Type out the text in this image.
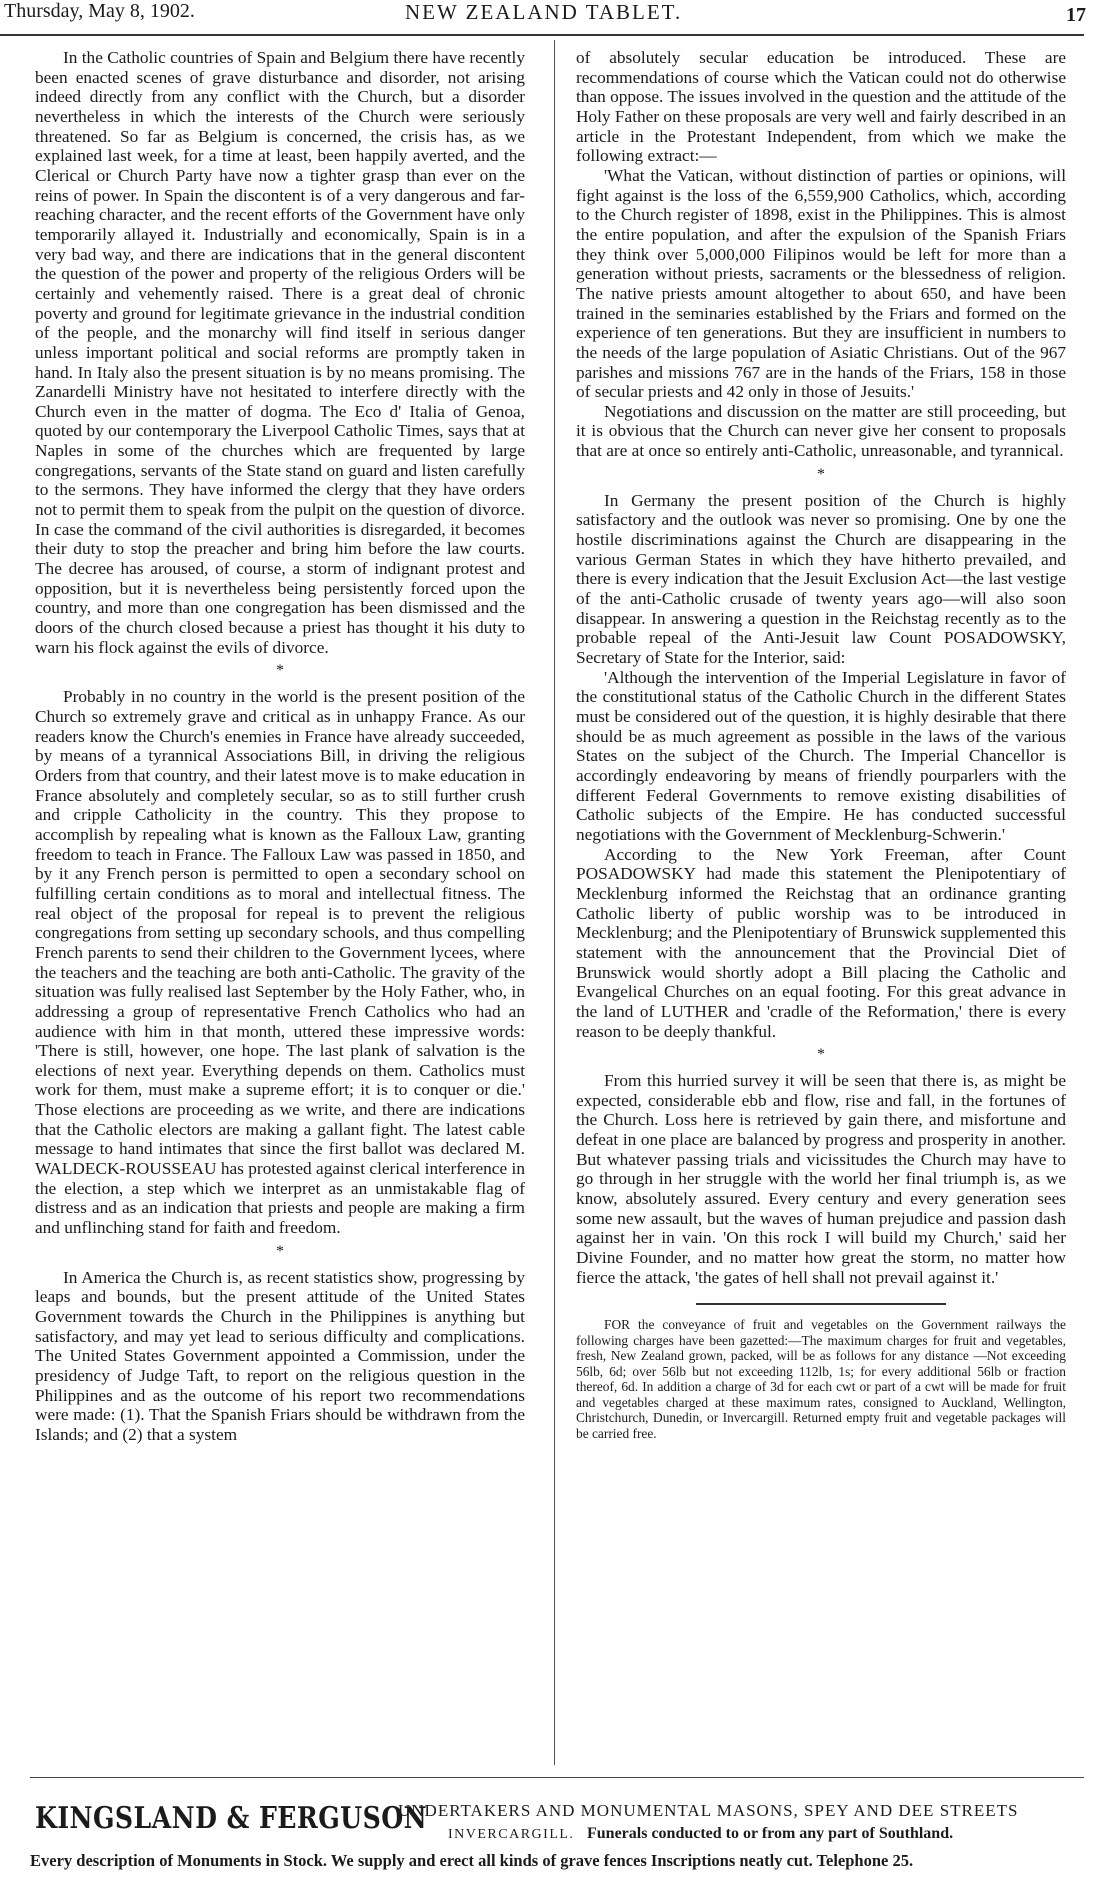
Thursday, May 8, 1902.	NEW ZEALAND TABLET.	17

In the Catholic countries of Spain and Belgium there have recently been enacted scenes of grave disturbance and disorder, not arising indeed directly from any conflict with the Church, but a disorder nevertheless in which the interests of the Church were seriously threatened. So far as Belgium is concerned, the crisis has, as we explained last week, for a time at least, been happily averted, and the Clerical or Church Party have now a tighter grasp than ever on the reins of power. In Spain the discontent is of a very dangerous and far-reaching character, and the recent efforts of the Government have only temporarily allayed it. Industrially and economically, Spain is in a very bad way, and there are indications that in the general discontent the question of the power and property of the religious Orders will be certainly and vehemently raised. There is a great deal of chronic poverty and ground for legitimate grievance in the industrial condition of the people, and the monarchy will find itself in serious danger unless important political and social reforms are promptly taken in hand. In Italy also the present situation is by no means promising. The Zanardelli Ministry have not hesitated to interfere directly with the Church even in the matter of dogma. The Eco d' Italia of Genoa, quoted by our contemporary the Liverpool Catholic Times, says that at Naples in some of the churches which are frequented by large congregations, servants of the State stand on guard and listen carefully to the sermons. They have informed the clergy that they have orders not to permit them to speak from the pulpit on the question of divorce. In case the command of the civil authorities is disregarded, it becomes their duty to stop the preacher and bring him before the law courts. The decree has aroused, of course, a storm of indignant protest and opposition, but it is nevertheless being persistently forced upon the country, and more than one congregation has been dismissed and the doors of the church closed because a priest has thought it his duty to warn his flock against the evils of divorce.

*

Probably in no country in the world is the present position of the Church so extremely grave and critical as in unhappy France. As our readers know the Church's enemies in France have already succeeded, by means of a tyrannical Associations Bill, in driving the religious Orders from that country, and their latest move is to make education in France absolutely and completely secular, so as to still further crush and cripple Catholicity in the country. This they propose to accomplish by repealing what is known as the Falloux Law, granting freedom to teach in France. The Falloux Law was passed in 1850, and by it any French person is permitted to open a secondary school on fulfilling certain conditions as to moral and intellectual fitness. The real object of the proposal for repeal is to prevent the religious congregations from setting up secondary schools, and thus compelling French parents to send their children to the Government lycees, where the teachers and the teaching are both anti-Catholic. The gravity of the situation was fully realised last September by the Holy Father, who, in addressing a group of representative French Catholics who had an audience with him in that month, uttered these impressive words: 'There is still, however, one hope. The last plank of salvation is the elections of next year. Everything depends on them. Catholics must work for them, must make a supreme effort; it is to conquer or die.' Those elections are proceeding as we write, and there are indications that the Catholic electors are making a gallant fight. The latest cable message to hand intimates that since the first ballot was declared M. WALDECK-ROUSSEAU has protested against clerical interference in the election, a step which we interpret as an unmistakable flag of distress and as an indication that priests and people are making a firm and unflinching stand for faith and freedom.

*

In America the Church is, as recent statistics show, progressing by leaps and bounds, but the present attitude of the United States Government towards the Church in the Philippines is anything but satisfactory, and may yet lead to serious difficulty and complications. The United States Government appointed a Commission, under the presidency of Judge Taft, to report on the religious question in the Philippines and as the outcome of his report two recommendations were made: (1). That the Spanish Friars should be withdrawn from the Islands; and (2) that a system

of absolutely secular education be introduced. These are recommendations of course which the Vatican could not do otherwise than oppose. The issues involved in the question and the attitude of the Holy Father on these proposals are very well and fairly described in an article in the Protestant Independent, from which we make the following extract:—

'What the Vatican, without distinction of parties or opinions, will fight against is the loss of the 6,559,900 Catholics, which, according to the Church register of 1898, exist in the Philippines. This is almost the entire population, and after the expulsion of the Spanish Friars they think over 5,000,000 Filipinos would be left for more than a generation without priests, sacraments or the blessedness of religion. The native priests amount altogether to about 650, and have been trained in the seminaries established by the Friars and formed on the experience of ten generations. But they are insufficient in numbers to the needs of the large population of Asiatic Christians. Out of the 967 parishes and missions 767 are in the hands of the Friars, 158 in those of secular priests and 42 only in those of Jesuits.'

Negotiations and discussion on the matter are still proceeding, but it is obvious that the Church can never give her consent to proposals that are at once so entirely anti-Catholic, unreasonable, and tyrannical.

*

In Germany the present position of the Church is highly satisfactory and the outlook was never so promising. One by one the hostile discriminations against the Church are disappearing in the various German States in which they have hitherto prevailed, and there is every indication that the Jesuit Exclusion Act—the last vestige of the anti-Catholic crusade of twenty years ago—will also soon disappear. In answering a question in the Reichstag recently as to the probable repeal of the Anti-Jesuit law Count POSADOWSKY, Secretary of State for the Interior, said:

'Although the intervention of the Imperial Legislature in favor of the constitutional status of the Catholic Church in the different States must be considered out of the question, it is highly desirable that there should be as much agreement as possible in the laws of the various States on the subject of the Church. The Imperial Chancellor is accordingly endeavoring by means of friendly pourparlers with the different Federal Governments to remove existing disabilities of Catholic subjects of the Empire. He has conducted successful negotiations with the Government of Mecklenburg-Schwerin.'

According to the New York Freeman, after Count POSADOWSKY had made this statement the Plenipotentiary of Mecklenburg informed the Reichstag that an ordinance granting Catholic liberty of public worship was to be introduced in Mecklenburg; and the Plenipotentiary of Brunswick supplemented this statement with the announcement that the Provincial Diet of Brunswick would shortly adopt a Bill placing the Catholic and Evangelical Churches on an equal footing. For this great advance in the land of LUTHER and 'cradle of the Reformation,' there is every reason to be deeply thankful.

*

From this hurried survey it will be seen that there is, as might be expected, considerable ebb and flow, rise and fall, in the fortunes of the Church. Loss here is retrieved by gain there, and misfortune and defeat in one place are balanced by progress and prosperity in another. But whatever passing trials and vicissitudes the Church may have to go through in her struggle with the world her final triumph is, as we know, absolutely assured. Every century and every generation sees some new assault, but the waves of human prejudice and passion dash against her in vain. 'On this rock I will build my Church,' said her Divine Founder, and no matter how great the storm, no matter how fierce the attack, 'the gates of hell shall not prevail against it.'

FOR the conveyance of fruit and vegetables on the Government railways the following charges have been gazetted:—The maximum charges for fruit and vegetables, fresh, New Zealand grown, packed, will be as follows for any distance —Not exceeding 56lb, 6d; over 56lb but not exceeding 112lb, 1s; for every additional 56lb or fraction thereof, 6d. In addition a charge of 3d for each cwt or part of a cwt will be made for fruit and vegetables charged at these maximum rates, consigned to Auckland, Wellington, Christchurch, Dunedin, or Invercargill. Returned empty fruit and vegetable packages will be carried free.

KINGSLAND & FERGUSON
UNDERTAKERS AND MONUMENTAL MASONS, SPEY AND DEE STREETS
INVERCARGILL. Funerals conducted to or from any part of Southland.
Every description of Monuments in Stock. We supply and erect all kinds of grave fences Inscriptions neatly cut. Telephone 25.
